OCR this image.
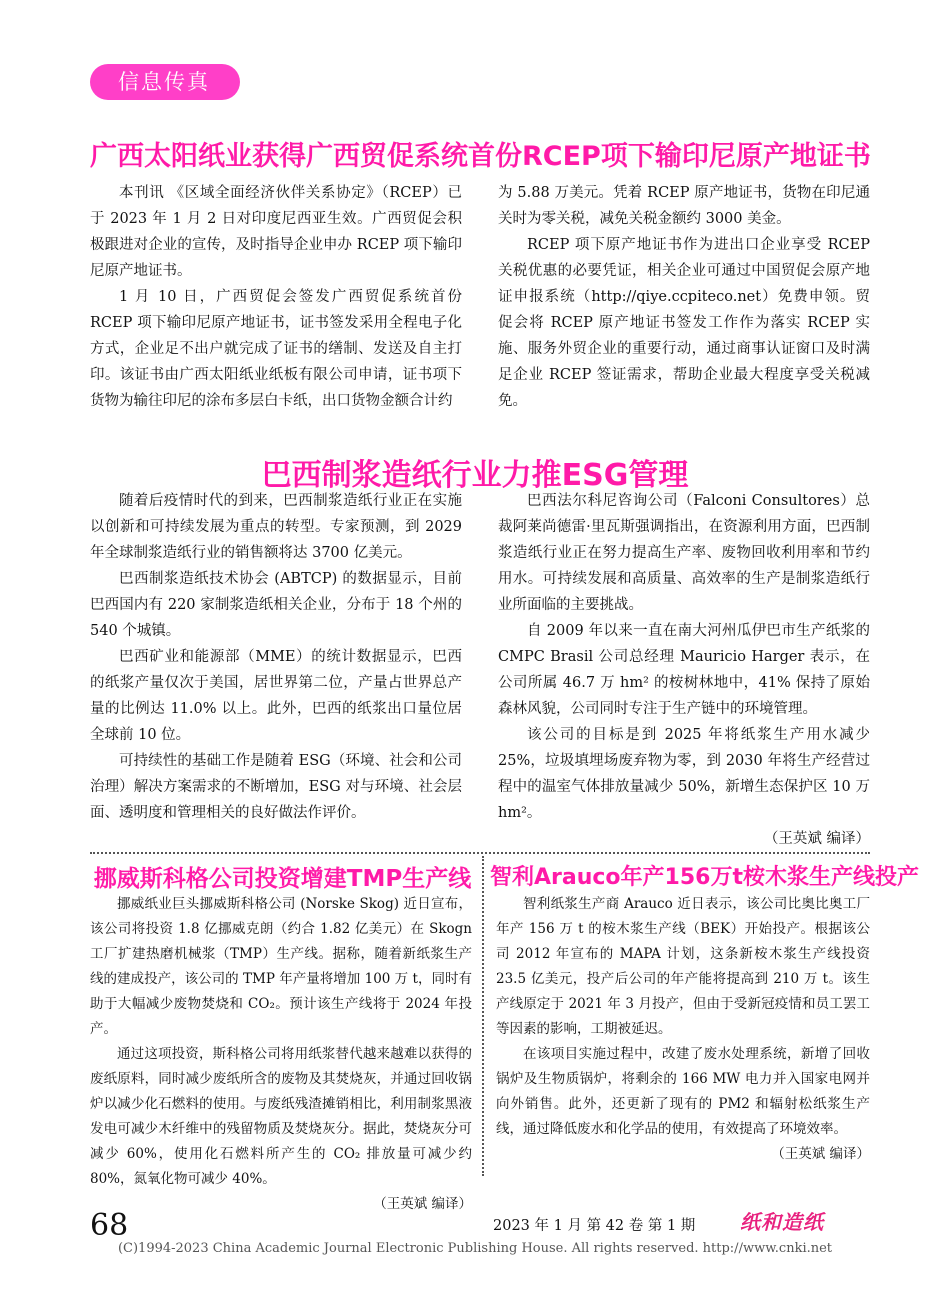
信息传真
广西太阳纸业获得广西贸促系统首份RCEP项下输印尼原产地证书

本刊讯 《区域全面经济伙伴关系协定》（RCEP）已于 2023 年 1 月 2 日对印度尼西亚生效。广西贸促会积极跟进对企业的宣传，及时指导企业申办 RCEP 项下输印尼原产地证书。

1 月 10 日，广西贸促会签发广西贸促系统首份 RCEP 项下输印尼原产地证书，证书签发采用全程电子化方式，企业足不出户就完成了证书的缮制、发送及自主打印。该证书由广西太阳纸业纸板有限公司申请，证书项下货物为输往印尼的涂布多层白卡纸，出口货物金额合计约

为 5.88 万美元。凭着 RCEP 原产地证书，货物在印尼通关时为零关税，减免关税金额约 3000 美金。

RCEP 项下原产地证书作为进出口企业享受 RCEP 关税优惠的必要凭证，相关企业可通过中国贸促会原产地证申报系统（http://qiye.ccpiteco.net）免费申领。贸促会将 RCEP 原产地证书签发工作作为落实 RCEP 实施、服务外贸企业的重要行动，通过商事认证窗口及时满足企业 RCEP 签证需求，帮助企业最大程度享受关税减免。

巴西制浆造纸行业力推ESG管理

随着后疫情时代的到来，巴西制浆造纸行业正在实施以创新和可持续发展为重点的转型。专家预测，到 2029 年全球制浆造纸行业的销售额将达 3700 亿美元。

巴西制浆造纸技术协会 (ABTCP) 的数据显示，目前巴西国内有 220 家制浆造纸相关企业，分布于 18 个州的 540 个城镇。

巴西矿业和能源部（MME）的统计数据显示，巴西的纸浆产量仅次于美国，居世界第二位，产量占世界总产量的比例达 11.0% 以上。此外，巴西的纸浆出口量位居全球前 10 位。

可持续性的基础工作是随着 ESG（环境、社会和公司治理）解决方案需求的不断增加，ESG 对与环境、社会层面、透明度和管理相关的良好做法作评价。

巴西法尔科尼咨询公司（Falconi Consultores）总裁阿莱尚德雷·里瓦斯强调指出，在资源利用方面，巴西制浆造纸行业正在努力提高生产率、废物回收利用率和节约用水。可持续发展和高质量、高效率的生产是制浆造纸行业所面临的主要挑战。

自 2009 年以来一直在南大河州瓜伊巴市生产纸浆的 CMPC Brasil 公司总经理 Mauricio Harger 表示，在公司所属 46.7 万 hm² 的桉树林地中，41% 保持了原始森林风貌，公司同时专注于生产链中的环境管理。

该公司的目标是到 2025 年将纸浆生产用水减少 25%，垃圾填埋场废弃物为零，到 2030 年将生产经营过程中的温室气体排放量减少 50%，新增生态保护区 10 万 hm²。

（王英斌 编译）
挪威斯科格公司投资增建TMP生产线

挪威纸业巨头挪威斯科格公司 (Norske Skog) 近日宣布，该公司将投资 1.8 亿挪威克朗（约合 1.82 亿美元）在 Skogn 工厂扩建热磨机械浆（TMP）生产线。据称，随着新纸浆生产线的建成投产，该公司的 TMP 年产量将增加 100 万 t，同时有助于大幅减少废物焚烧和 CO₂。预计该生产线将于 2024 年投产。

通过这项投资，斯科格公司将用纸浆替代越来越难以获得的废纸原料，同时减少废纸所含的废物及其焚烧灰，并通过回收锅炉以减少化石燃料的使用。与废纸残渣摊销相比，利用制浆黑液发电可减少木纤维中的残留物质及焚烧灰分。据此，焚烧灰分可减少 60%，使用化石燃料所产生的 CO₂ 排放量可减少约 80%，氮氧化物可减少 40%。

（王英斌 编译）
智利Arauco年产156万t桉木浆生产线投产

智利纸浆生产商 Arauco 近日表示，该公司比奥比奥工厂年产 156 万 t 的桉木浆生产线（BEK）开始投产。根据该公司 2012 年宣布的 MAPA 计划，这条新桉木浆生产线投资 23.5 亿美元，投产后公司的年产能将提高到 210 万 t。该生产线原定于 2021 年 3 月投产，但由于受新冠疫情和员工罢工等因素的影响，工期被延迟。

在该项目实施过程中，改建了废水处理系统，新增了回收锅炉及生物质锅炉，将剩余的 166 MW 电力并入国家电网并向外销售。此外，还更新了现有的 PM2 和辐射松纸浆生产线，通过降低废水和化学品的使用，有效提高了环境效率。

（王英斌 编译）
68	2023 年 1 月 第 42 卷 第 1 期 纸和造纸
(C)1994-2023 China Academic Journal Electronic Publishing House. All rights reserved. http://www.cnki.net
